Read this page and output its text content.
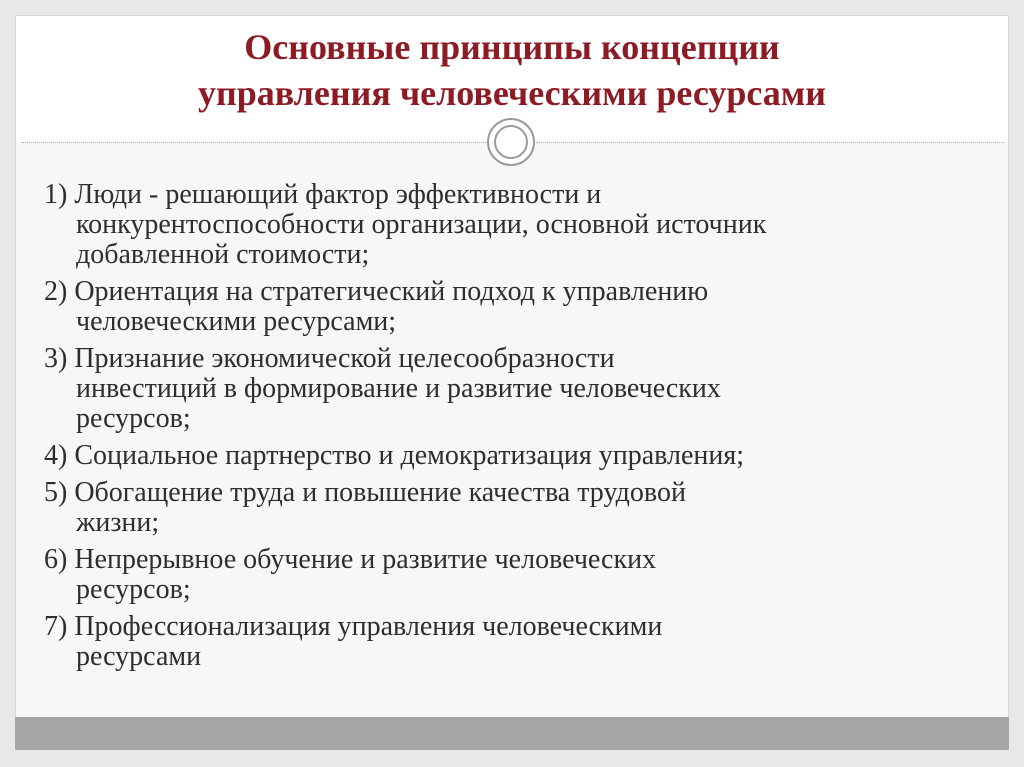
Основные принципы концепции
управления человеческими ресурсами

1) Люди - решающий фактор эффективности и
конкурентоспособности организации, основной источник
добавленной стоимости;

2) Ориентация на стратегический подход к управлению
человеческими ресурсами;

3) Признание экономической целесообразности
инвестиций в формирование и развитие человеческих
ресурсов;

4) Социальное партнерство и демократизация управления;

5) Обогащение труда и повышение качества трудовой
жизни;

6) Непрерывное обучение и развитие человеческих
ресурсов;

7) Профессионализация управления человеческими
ресурсами
